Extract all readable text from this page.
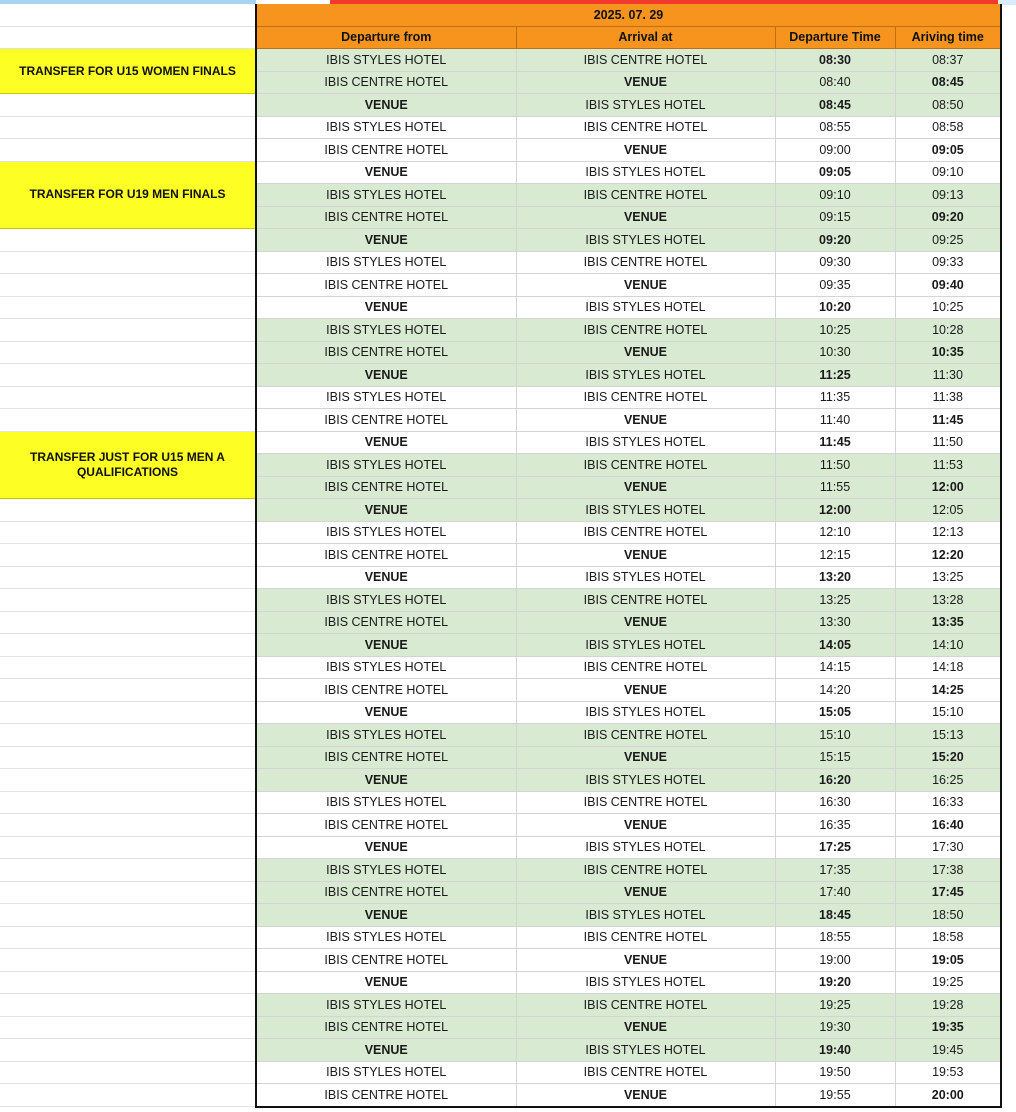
	2025. 07. 29			
	Departure from	Arrival at	Departure Time	Ariving time
TRANSFER FOR U15 WOMEN FINALS	IBIS STYLES HOTEL	IBIS CENTRE HOTEL	08:30	08:37
	IBIS CENTRE HOTEL	VENUE	08:40	08:45
	VENUE	IBIS STYLES HOTEL	08:45	08:50
	IBIS STYLES HOTEL	IBIS CENTRE HOTEL	08:55	08:58
	IBIS CENTRE HOTEL	VENUE	09:00	09:05
TRANSFER FOR U19 MEN FINALS	VENUE	IBIS STYLES HOTEL	09:05	09:10
	IBIS STYLES HOTEL	IBIS CENTRE HOTEL	09:10	09:13
	IBIS CENTRE HOTEL	VENUE	09:15	09:20
	VENUE	IBIS STYLES HOTEL	09:20	09:25
	IBIS STYLES HOTEL	IBIS CENTRE HOTEL	09:30	09:33
	IBIS CENTRE HOTEL	VENUE	09:35	09:40
	VENUE	IBIS STYLES HOTEL	10:20	10:25
	IBIS STYLES HOTEL	IBIS CENTRE HOTEL	10:25	10:28
	IBIS CENTRE HOTEL	VENUE	10:30	10:35
	VENUE	IBIS STYLES HOTEL	11:25	11:30
	IBIS STYLES HOTEL	IBIS CENTRE HOTEL	11:35	11:38
	IBIS CENTRE HOTEL	VENUE	11:40	11:45
TRANSFER JUST FOR U15 MEN A QUALIFICATIONS	VENUE	IBIS STYLES HOTEL	11:45	11:50
	IBIS STYLES HOTEL	IBIS CENTRE HOTEL	11:50	11:53
	IBIS CENTRE HOTEL	VENUE	11:55	12:00
	VENUE	IBIS STYLES HOTEL	12:00	12:05
	IBIS STYLES HOTEL	IBIS CENTRE HOTEL	12:10	12:13
	IBIS CENTRE HOTEL	VENUE	12:15	12:20
	VENUE	IBIS STYLES HOTEL	13:20	13:25
	IBIS STYLES HOTEL	IBIS CENTRE HOTEL	13:25	13:28
	IBIS CENTRE HOTEL	VENUE	13:30	13:35
	VENUE	IBIS STYLES HOTEL	14:05	14:10
	IBIS STYLES HOTEL	IBIS CENTRE HOTEL	14:15	14:18
	IBIS CENTRE HOTEL	VENUE	14:20	14:25
	VENUE	IBIS STYLES HOTEL	15:05	15:10
	IBIS STYLES HOTEL	IBIS CENTRE HOTEL	15:10	15:13
	IBIS CENTRE HOTEL	VENUE	15:15	15:20
	VENUE	IBIS STYLES HOTEL	16:20	16:25
	IBIS STYLES HOTEL	IBIS CENTRE HOTEL	16:30	16:33
	IBIS CENTRE HOTEL	VENUE	16:35	16:40
	VENUE	IBIS STYLES HOTEL	17:25	17:30
	IBIS STYLES HOTEL	IBIS CENTRE HOTEL	17:35	17:38
	IBIS CENTRE HOTEL	VENUE	17:40	17:45
	VENUE	IBIS STYLES HOTEL	18:45	18:50
	IBIS STYLES HOTEL	IBIS CENTRE HOTEL	18:55	18:58
	IBIS CENTRE HOTEL	VENUE	19:00	19:05
	VENUE	IBIS STYLES HOTEL	19:20	19:25
	IBIS STYLES HOTEL	IBIS CENTRE HOTEL	19:25	19:28
	IBIS CENTRE HOTEL	VENUE	19:30	19:35
	VENUE	IBIS STYLES HOTEL	19:40	19:45
	IBIS STYLES HOTEL	IBIS CENTRE HOTEL	19:50	19:53
	IBIS CENTRE HOTEL	VENUE	19:55	20:00
